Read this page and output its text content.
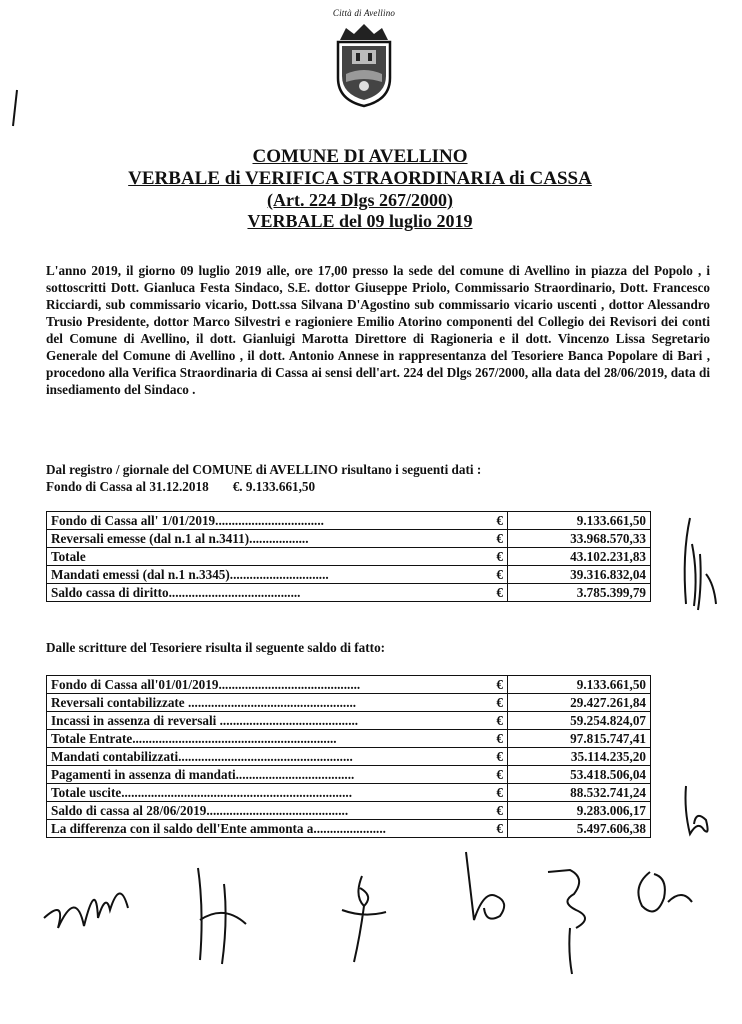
Città di Avellino
COMUNE DI AVELLINO
VERBALE di VERIFICA STRAORDINARIA di CASSA
(Art. 224 Dlgs 267/2000)
VERBALE del 09 luglio 2019
L'anno 2019, il giorno 09 luglio 2019 alle, ore 17,00 presso la sede del comune di Avellino in piazza del Popolo , i sottoscritti Dott. Gianluca Festa Sindaco, S.E. dottor Giuseppe Priolo, Commissario Straordinario, Dott. Francesco Ricciardi, sub commissario vicario, Dott.ssa Silvana D'Agostino sub commissario vicario uscenti , dottor Alessandro Trusio Presidente, dottor Marco Silvestri e ragioniere Emilio Atorino componenti del Collegio dei Revisori dei conti del Comune di Avellino, il dott. Gianluigi Marotta Direttore di Ragioneria e il dott. Vincenzo Lissa Segretario Generale del Comune di Avellino , il dott. Antonio Annese in rappresentanza del Tesoriere Banca Popolare di Bari , procedono alla Verifica Straordinaria di Cassa ai sensi dell'art. 224 del Dlgs 267/2000, alla data del 28/06/2019, data di insediamento del Sindaco .
Dal registro / giornale del COMUNE di AVELLINO risultano i seguenti dati :
Fondo di Cassa al 31.12.2018 €. 9.133.661,50
Fondo di Cassa all' 1/01/2019................................. €	9.133.661,50

Reversali emesse (dal n.1 al n.3411).................. €	33.968.570,33

Totale €	43.102.231,83

Mandati emessi (dal n.1 n.3345).............................. €	39.316.832,04

Saldo cassa di diritto........................................ €	3.785.399,79
Dalle scritture del Tesoriere risulta il seguente saldo di fatto:
Fondo di Cassa all'01/01/2019........................................... €	9.133.661,50

Reversali contabilizzate ................................................... €	29.427.261,84

Incassi in assenza di reversali .......................................... €	59.254.824,07

Totale Entrate.............................................................. €	97.815.747,41

Mandati contabilizzati..................................................... €	35.114.235,20

Pagamenti in assenza di mandati.................................... €	53.418.506,04

Totale uscite...................................................................... €	88.532.741,24

Saldo di cassa al 28/06/2019........................................... €	9.283.006,17

La differenza con il saldo dell'Ente ammonta a...................... €	5.497.606,38
